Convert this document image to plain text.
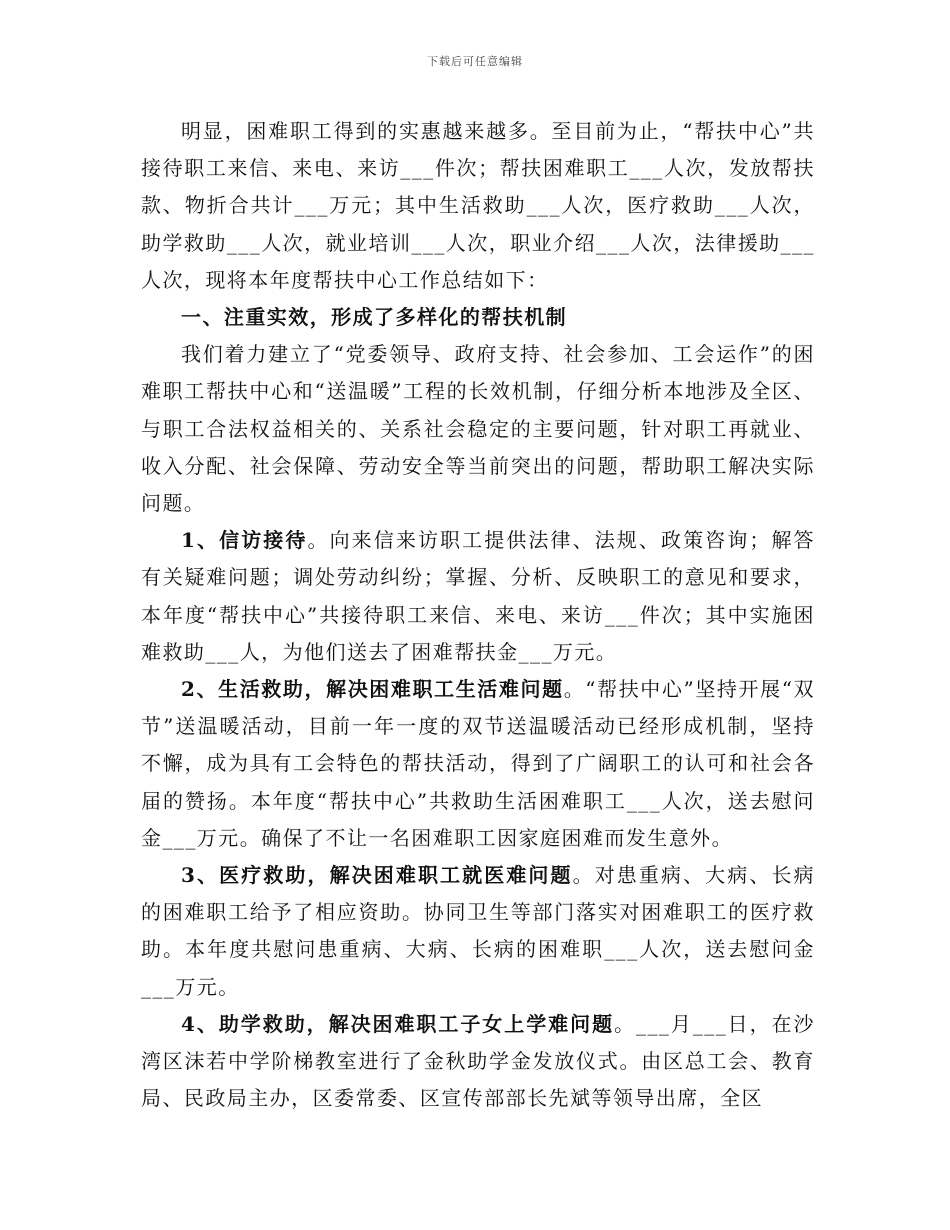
下载后可任意编辑

明显，困难职工得到的实惠越来越多。至目前为止，“帮扶中心”共接待职工来信、来电、来访___件次；帮扶困难职工___人次，发放帮扶款、物折合共计___万元；其中生活救助___人次，医疗救助___人次，助学救助___人次，就业培训___人次，职业介绍___人次，法律援助___人次，现将本年度帮扶中心工作总结如下：

一、注重实效，形成了多样化的帮扶机制

我们着力建立了“党委领导、政府支持、社会参加、工会运作”的困难职工帮扶中心和“送温暖”工程的长效机制，仔细分析本地涉及全区、与职工合法权益相关的、关系社会稳定的主要问题，针对职工再就业、收入分配、社会保障、劳动安全等当前突出的问题，帮助职工解决实际问题。

1、信访接待。向来信来访职工提供法律、法规、政策咨询；解答有关疑难问题；调处劳动纠纷；掌握、分析、反映职工的意见和要求，本年度“帮扶中心”共接待职工来信、来电、来访___件次；其中实施困难救助___人，为他们送去了困难帮扶金___万元。

2、生活救助，解决困难职工生活难问题。“帮扶中心”坚持开展“双节”送温暖活动，目前一年一度的双节送温暖活动已经形成机制，坚持不懈，成为具有工会特色的帮扶活动，得到了广阔职工的认可和社会各届的赞扬。本年度“帮扶中心”共救助生活困难职工___人次，送去慰问金___万元。确保了不让一名困难职工因家庭困难而发生意外。

3、医疗救助，解决困难职工就医难问题。对患重病、大病、长病的困难职工给予了相应资助。协同卫生等部门落实对困难职工的医疗救助。本年度共慰问患重病、大病、长病的困难职___人次，送去慰问金___万元。

4、助学救助，解决困难职工子女上学难问题。___月___日，在沙湾区沫若中学阶梯教室进行了金秋助学金发放仪式。由区总工会、教育局、民政局主办，区委常委、区宣传部部长先斌等领导出席，全区
